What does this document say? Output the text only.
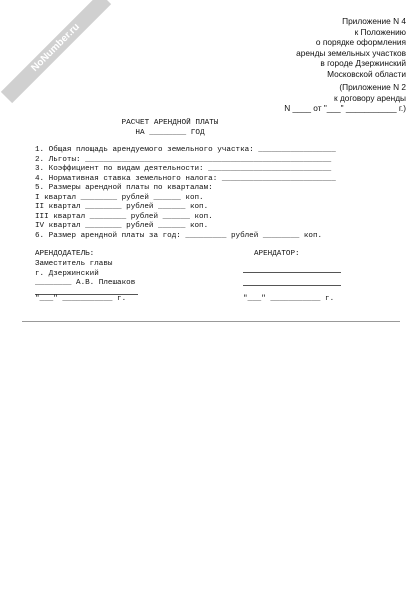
NoNumber.ru
Приложение N 4
к Положению
о порядке оформления
аренды земельных участков
в городе Дзержинский
Московской области
(Приложение N 2
к договору аренды
N ____ от "___" ___________ г.)
РАСЧЕТ АРЕНДНОЙ ПЛАТЫ
НА ________ ГОД
1. Общая площадь арендуемого земельного участка: _________________
2. Льготы: ______________________________________________________
3. Коэффициент по видам деятельности: ___________________________
4. Нормативная ставка земельного налога: _________________________
5. Размеры арендной платы по кварталам:
I квартал ________ рублей ______ коп.
II квартал ________ рублей ______ коп.
III квартал ________ рублей ______ коп.
IV квартал ________ рублей ______ коп.
6. Размер арендной платы за год: _________ рублей ________ коп.
АРЕНДОДАТЕЛЬ:
Заместитель главы
г. Дзержинский
________ А.В. Плешаков
"___" ___________ г.
АРЕНДАТОР:
"___" ___________ г.
